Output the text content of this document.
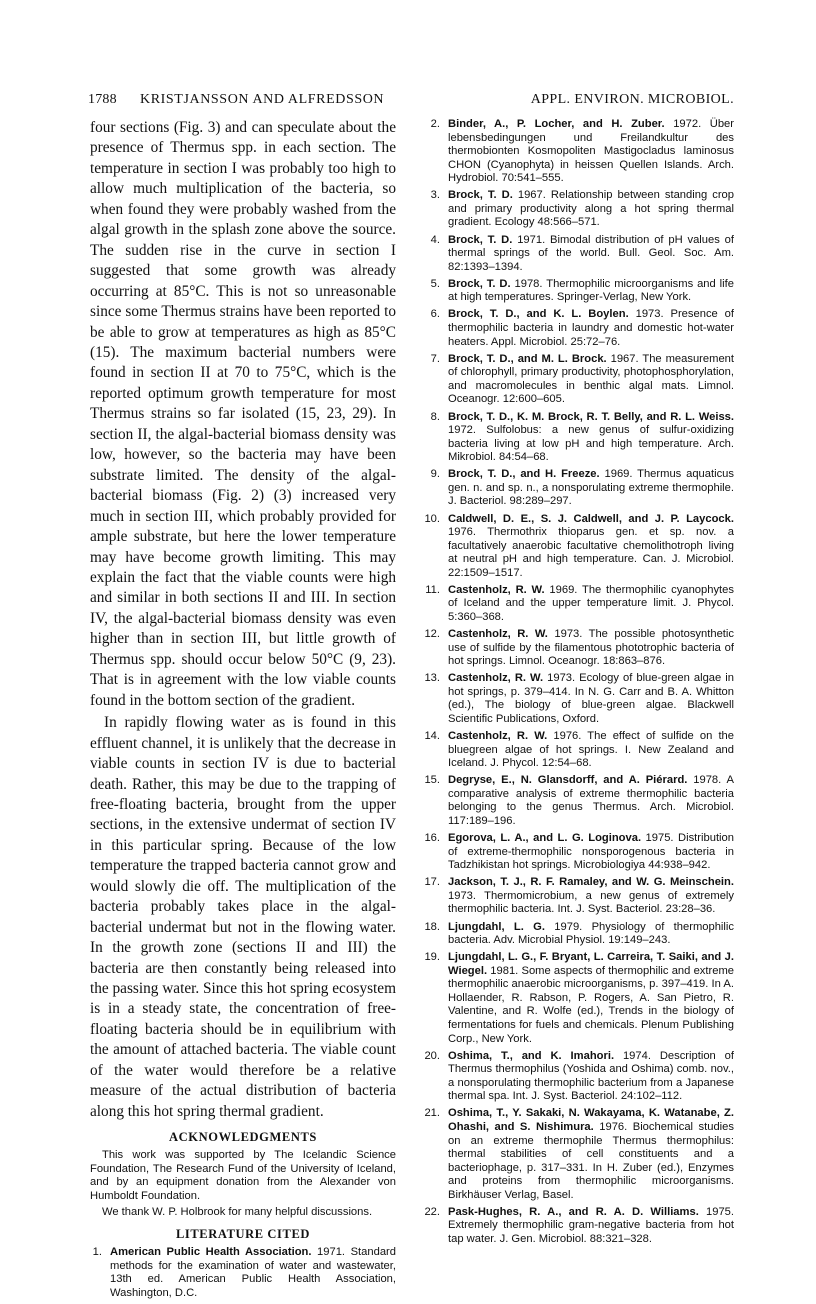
1788 KRISTJANSSON AND ALFREDSSON	APPL. ENVIRON. MICROBIOL.

four sections (Fig. 3) and can speculate about the presence of Thermus spp. in each section. The temperature in section I was probably too high to allow much multiplication of the bacteria, so when found they were probably washed from the algal growth in the splash zone above the source. The sudden rise in the curve in section I suggested that some growth was already occurring at 85°C. This is not so unreasonable since some Thermus strains have been reported to be able to grow at temperatures as high as 85°C (15). The maximum bacterial numbers were found in section II at 70 to 75°C, which is the reported optimum growth temperature for most Thermus strains so far isolated (15, 23, 29). In section II, the algal-bacterial biomass density was low, however, so the bacteria may have been substrate limited. The density of the algal-bacterial biomass (Fig. 2) (3) increased very much in section III, which probably provided for ample substrate, but here the lower temperature may have become growth limiting. This may explain the fact that the viable counts were high and similar in both sections II and III. In section IV, the algal-bacterial biomass density was even higher than in section III, but little growth of Thermus spp. should occur below 50°C (9, 23). That is in agreement with the low viable counts found in the bottom section of the gradient.

In rapidly flowing water as is found in this effluent channel, it is unlikely that the decrease in viable counts in section IV is due to bacterial death. Rather, this may be due to the trapping of free-floating bacteria, brought from the upper sections, in the extensive undermat of section IV in this particular spring. Because of the low temperature the trapped bacteria cannot grow and would slowly die off. The multiplication of the bacteria probably takes place in the algal-bacterial undermat but not in the flowing water. In the growth zone (sections II and III) the bacteria are then constantly being released into the passing water. Since this hot spring ecosystem is in a steady state, the concentration of free-floating bacteria should be in equilibrium with the amount of attached bacteria. The viable count of the water would therefore be a relative measure of the actual distribution of bacteria along this hot spring thermal gradient.

ACKNOWLEDGMENTS

This work was supported by The Icelandic Science Foundation, The Research Fund of the University of Iceland, and by an equipment donation from the Alexander von Humboldt Foundation.

We thank W. P. Holbrook for many helpful discussions.

LITERATURE CITED
1. American Public Health Association. 1971. Standard methods for the examination of water and wastewater, 13th ed. American Public Health Association, Washington, D.C.
2. Binder, A., P. Locher, and H. Zuber. 1972. Über lebensbedingungen und Freilandkultur des thermobionten Kosmopoliten Mastigocladus laminosus CHON (Cyanophyta) in heissen Quellen Islands. Arch. Hydrobiol. 70:541–555.
3. Brock, T. D. 1967. Relationship between standing crop and primary productivity along a hot spring thermal gradient. Ecology 48:566–571.
4. Brock, T. D. 1971. Bimodal distribution of pH values of thermal springs of the world. Bull. Geol. Soc. Am. 82:1393–1394.
5. Brock, T. D. 1978. Thermophilic microorganisms and life at high temperatures. Springer-Verlag, New York.
6. Brock, T. D., and K. L. Boylen. 1973. Presence of thermophilic bacteria in laundry and domestic hot-water heaters. Appl. Microbiol. 25:72–76.
7. Brock, T. D., and M. L. Brock. 1967. The measurement of chlorophyll, primary productivity, photophosphorylation, and macromolecules in benthic algal mats. Limnol. Oceanogr. 12:600–605.
8. Brock, T. D., K. M. Brock, R. T. Belly, and R. L. Weiss. 1972. Sulfolobus: a new genus of sulfur-oxidizing bacteria living at low pH and high temperature. Arch. Mikrobiol. 84:54–68.
9. Brock, T. D., and H. Freeze. 1969. Thermus aquaticus gen. n. and sp. n., a nonsporulating extreme thermophile. J. Bacteriol. 98:289–297.
10. Caldwell, D. E., S. J. Caldwell, and J. P. Laycock. 1976. Thermothrix thioparus gen. et sp. nov. a facultatively anaerobic facultative chemolithotroph living at neutral pH and high temperature. Can. J. Microbiol. 22:1509–1517.
11. Castenholz, R. W. 1969. The thermophilic cyanophytes of Iceland and the upper temperature limit. J. Phycol. 5:360–368.
12. Castenholz, R. W. 1973. The possible photosynthetic use of sulfide by the filamentous phototrophic bacteria of hot springs. Limnol. Oceanogr. 18:863–876.
13. Castenholz, R. W. 1973. Ecology of blue-green algae in hot springs, p. 379–414. In N. G. Carr and B. A. Whitton (ed.), The biology of blue-green algae. Blackwell Scientific Publications, Oxford.
14. Castenholz, R. W. 1976. The effect of sulfide on the bluegreen algae of hot springs. I. New Zealand and Iceland. J. Phycol. 12:54–68.
15. Degryse, E., N. Glansdorff, and A. Piérard. 1978. A comparative analysis of extreme thermophilic bacteria belonging to the genus Thermus. Arch. Microbiol. 117:189–196.
16. Egorova, L. A., and L. G. Loginova. 1975. Distribution of extreme-thermophilic nonsporogenous bacteria in Tadzhikistan hot springs. Microbiologiya 44:938–942.
17. Jackson, T. J., R. F. Ramaley, and W. G. Meinschein. 1973. Thermomicrobium, a new genus of extremely thermophilic bacteria. Int. J. Syst. Bacteriol. 23:28–36.
18. Ljungdahl, L. G. 1979. Physiology of thermophilic bacteria. Adv. Microbial Physiol. 19:149–243.
19. Ljungdahl, L. G., F. Bryant, L. Carreira, T. Saiki, and J. Wiegel. 1981. Some aspects of thermophilic and extreme thermophilic anaerobic microorganisms, p. 397–419. In A. Hollaender, R. Rabson, P. Rogers, A. San Pietro, R. Valentine, and R. Wolfe (ed.), Trends in the biology of fermentations for fuels and chemicals. Plenum Publishing Corp., New York.
20. Oshima, T., and K. Imahori. 1974. Description of Thermus thermophilus (Yoshida and Oshima) comb. nov., a nonsporulating thermophilic bacterium from a Japanese thermal spa. Int. J. Syst. Bacteriol. 24:102–112.
21. Oshima, T., Y. Sakaki, N. Wakayama, K. Watanabe, Z. Ohashi, and S. Nishimura. 1976. Biochemical studies on an extreme thermophile Thermus thermophilus: thermal stabilities of cell constituents and a bacteriophage, p. 317–331. In H. Zuber (ed.), Enzymes and proteins from thermophilic microorganisms. Birkhäuser Verlag, Basel.
22. Pask-Hughes, R. A., and R. A. D. Williams. 1975. Extremely thermophilic gram-negative bacteria from hot tap water. J. Gen. Microbiol. 88:321–328.
